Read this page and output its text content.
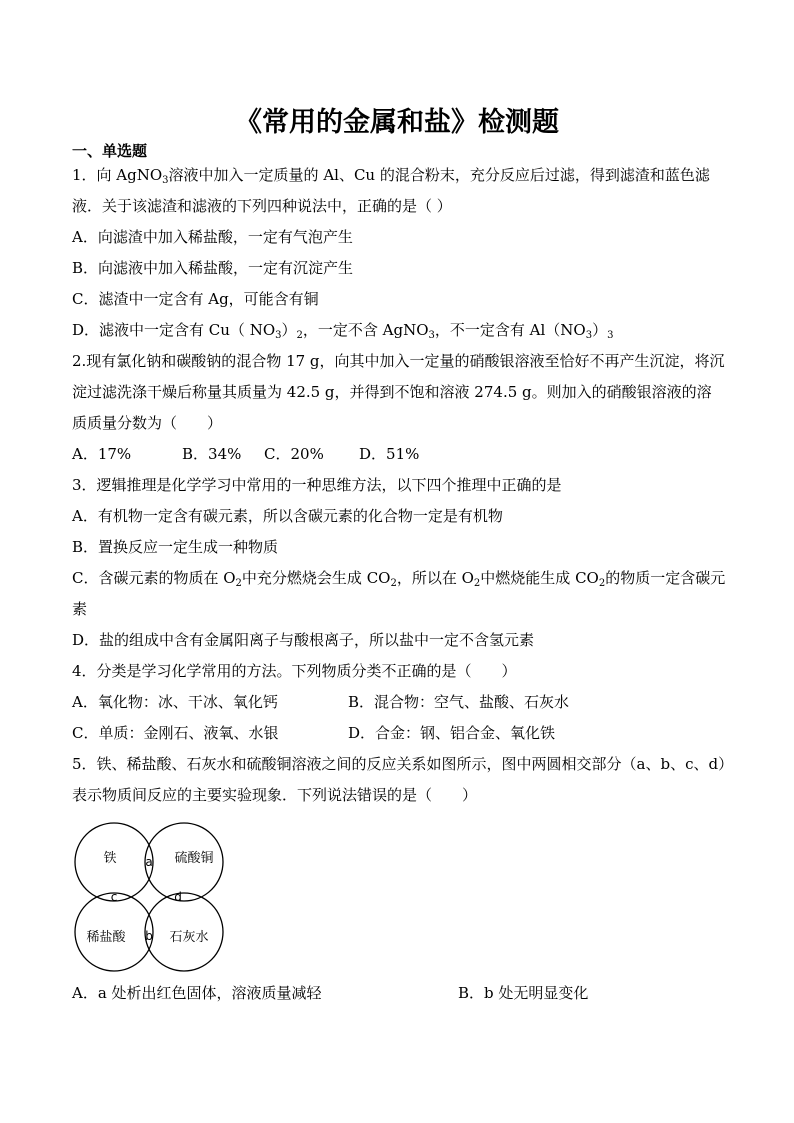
《常用的金属和盐》检测题
一、单选题

1．向 AgNO$_3$溶液中加入一定质量的 Al、Cu 的混合粉末，充分反应后过滤，得到滤渣和蓝色滤液．关于该滤渣和滤液的下列四种说法中，正确的是（ ）

A．向滤渣中加入稀盐酸，一定有气泡产生

B．向滤液中加入稀盐酸，一定有沉淀产生

C．滤渣中一定含有 Ag，可能含有铜

D．滤液中一定含有 Cu（ $NO_3)_2$，一定不含 AgNO$_3$，不一定含有 $Al(NO_3)_3$

2.现有氯化钠和碳酸钠的混合物 17 g，向其中加入一定量的硝酸银溶液至恰好不再产生沉淀，将沉淀过滤洗涤干燥后称量其质量为 42.5 g，并得到不饱和溶液 274.5 g。则加入的硝酸银溶液的溶质质量分数为（　　）

A．17%	B．34%	C．20%	D．51%

3．逻辑推理是化学学习中常用的一种思维方法，以下四个推理中正确的是

A．有机物一定含有碳元素，所以含碳元素的化合物一定是有机物

B．置换反应一定生成一种物质

C．含碳元素的物质在 $O_2$中充分燃烧会生成 $CO_2$，所以在 $O_2$中燃烧能生成 $CO_2$的物质一定含碳元素

D．盐的组成中含有金属阳离子与酸根离子，所以盐中一定不含氢元素

4．分类是学习化学常用的方法。下列物质分类不正确的是（　　）

A．氧化物：冰、干冰、氧化钙	B．混合物：空气、盐酸、石灰水
C．单质：金刚石、液氧、水银	D．合金：钢、铝合金、氧化铁

5．铁、稀盐酸、石灰水和硫酸铜溶液之间的反应关系如图所示，图中两圆相交部分（a、b、c、d）表示物质间反应的主要实验现象．下列说法错误的是（　　）

铁	硫酸铜
稀盐酸	石灰水
a
b
c	d
A．a 处析出红色固体，溶液质量减轻	B．b 处无明显变化
